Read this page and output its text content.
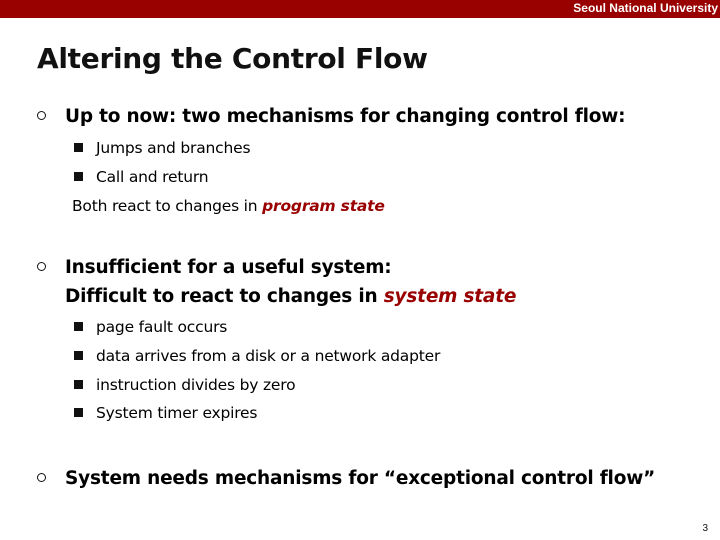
Seoul National University
Altering the Control Flow
Up to now: two mechanisms for changing control flow:
Jumps and branches
Call and return
Both react to changes in program state
Insufficient for a useful system:
Difficult to react to changes in system state
page fault occurs
data arrives from a disk or a network adapter
instruction divides by zero
System timer expires
System needs mechanisms for “exceptional control flow”
3
